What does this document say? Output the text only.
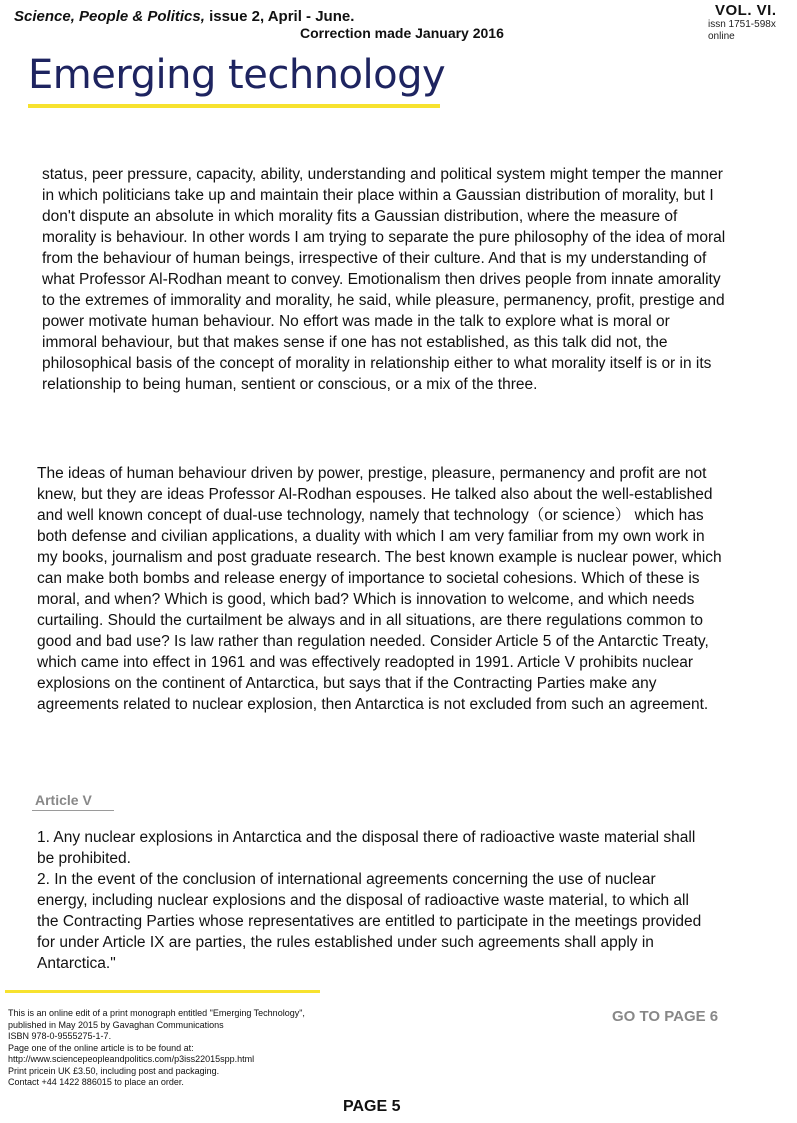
Science, People & Politics, issue 2, April - June.
Correction made January 2016
VOL. VI.
issn 1751-598x
online
Emerging technology
status, peer pressure, capacity, ability, understanding and political system might temper the manner in which politicians take up and maintain their place within a Gaussian distribution of morality, but I don't dispute an absolute in which morality fits a Gaussian distribution, where the measure of morality is behaviour. In other words I am trying to separate the pure philosophy of the idea of moral from the behaviour of human beings, irrespective of their culture. And that is my understanding of what Professor Al-Rodhan meant to convey. Emotionalism then drives people from innate amorality to the extremes of immorality and morality, he said, while pleasure, permanency, profit, prestige and power motivate human behaviour. No effort was made in the talk to explore what is moral or immoral behaviour, but that makes sense if one has not established, as this talk did not, the philosophical basis of the concept of morality in relationship either to what morality itself is or in its relationship to being human, sentient or conscious, or a mix of the three.
The ideas of human behaviour driven by power, prestige, pleasure, permanency and profit are not knew, but they are ideas Professor Al-Rodhan espouses. He talked also about the well-established and well known concept of dual-use technology, namely that technology（or science） which has both defense and civilian applications, a duality with which I am very familiar from my own work in my books, journalism and post graduate research. The best known example is nuclear power, which can make both bombs and release energy of importance to societal cohesions. Which of these is moral, and when? Which is good, which bad? Which is innovation to welcome, and which needs curtailing. Should the curtailment be always and in all situations, are there regulations common to good and bad use? Is law rather than regulation needed. Consider Article 5 of the Antarctic Treaty, which came into effect in 1961 and was effectively readopted in 1991. Article V prohibits nuclear explosions on the continent of Antarctica, but says that if the Contracting Parties make any agreements related to nuclear explosion, then Antarctica is not excluded from such an agreement.
Article V
1. Any nuclear explosions in Antarctica and the disposal there of radioactive waste material shall be prohibited.
2. In the event of the conclusion of international agreements concerning the use of nuclear energy, including nuclear explosions and the disposal of radioactive waste material, to which all the Contracting Parties whose representatives are entitled to participate in the meetings provided for under Article IX are parties, the rules established under such agreements shall apply in Antarctica."
This is an online edit of a print monograph entitled "Emerging Technology", published in May 2015 by Gavaghan Communications
ISBN 978-0-9555275-1-7.
Page one of the online article is to be found at:
http://www.sciencepeopleandpolitics.com/p3iss22015spp.html
Print pricein UK £3.50, including post and packaging.
Contact +44 1422 886015 to place an order.
GO TO PAGE 6
PAGE 5
